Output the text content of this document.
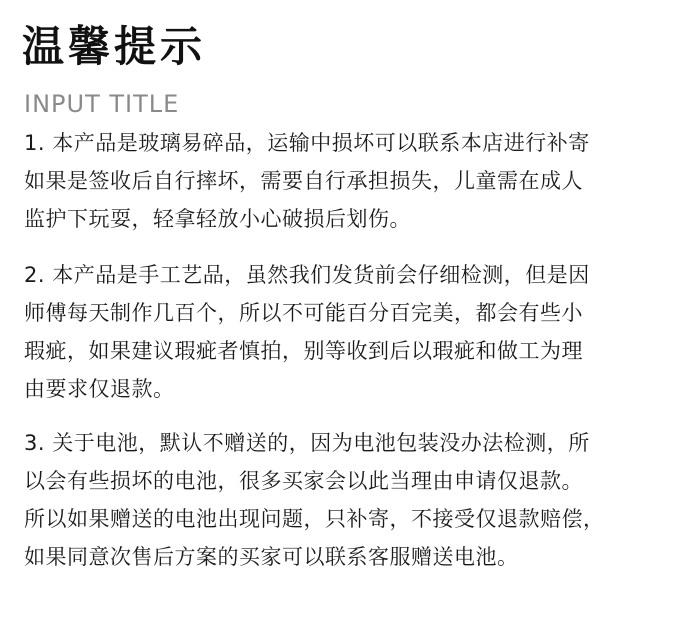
温馨提示
INPUT TITLE
1. 本产品是玻璃易碎品，运输中损坏可以联系本店进行补寄
如果是签收后自行摔坏，需要自行承担损失，儿童需在成人
监护下玩耍，轻拿轻放小心破损后划伤。
2. 本产品是手工艺品，虽然我们发货前会仔细检测，但是因
师傅每天制作几百个，所以不可能百分百完美，都会有些小
瑕疵，如果建议瑕疵者慎拍，别等收到后以瑕疵和做工为理
由要求仅退款。
3. 关于电池，默认不赠送的，因为电池包装没办法检测，所
以会有些损坏的电池，很多买家会以此当理由申请仅退款。
所以如果赠送的电池出现问题，只补寄，不接受仅退款赔偿，
如果同意次售后方案的买家可以联系客服赠送电池。
